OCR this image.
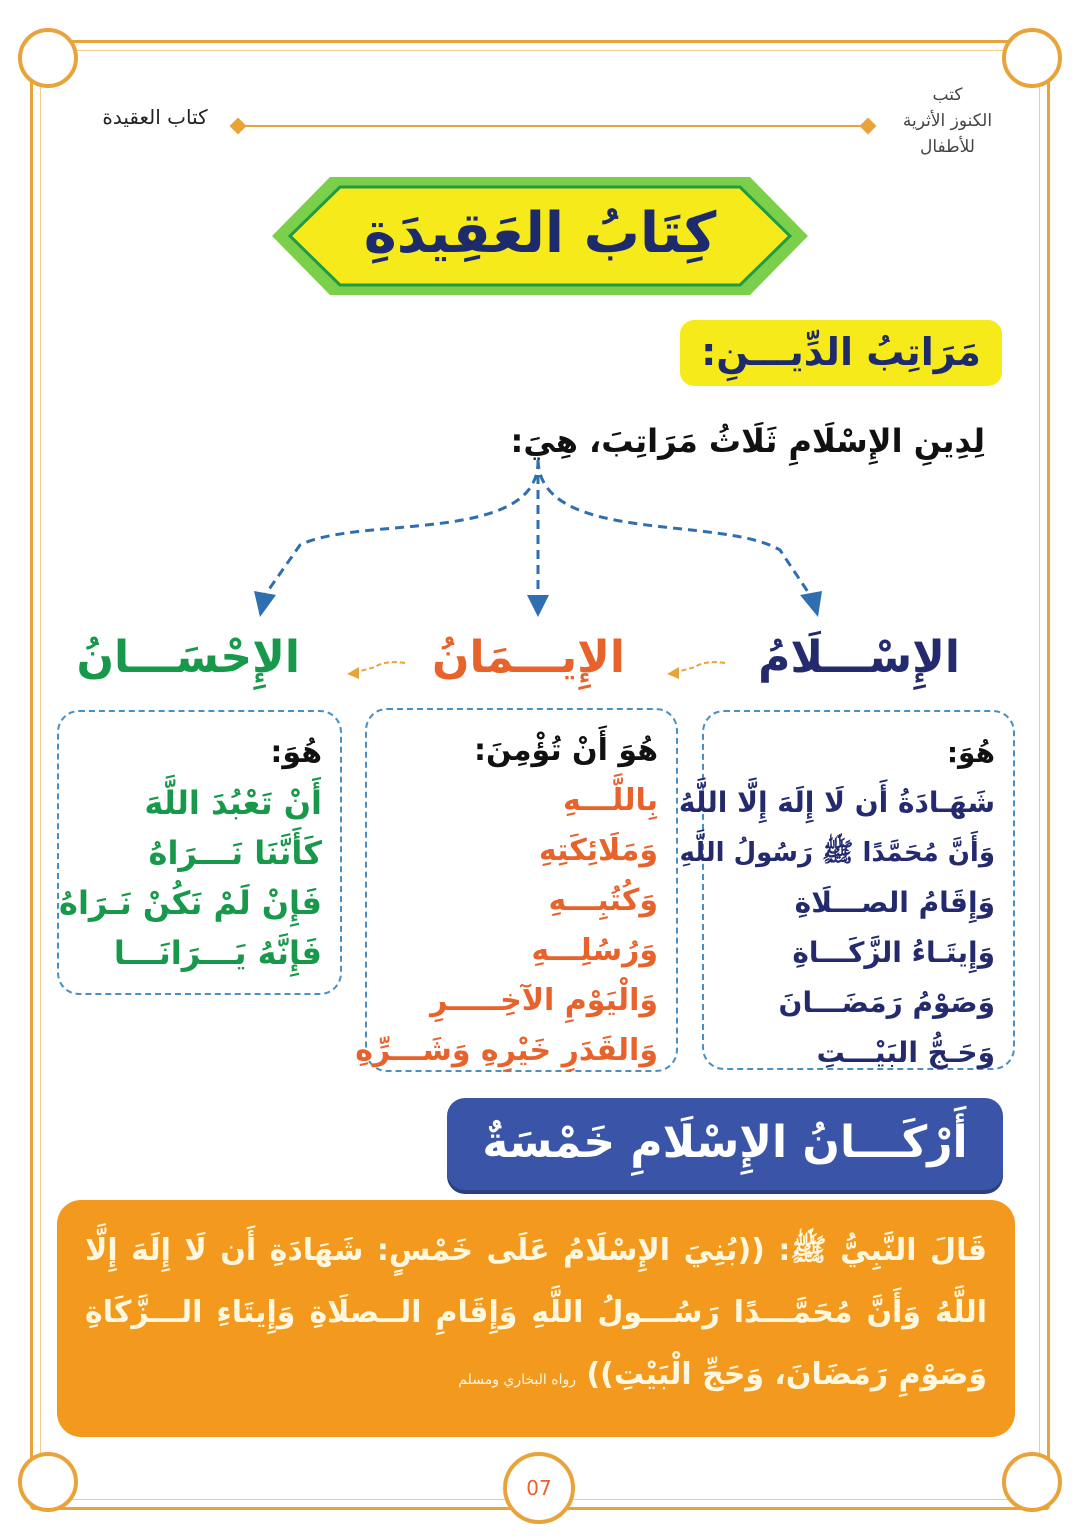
كتاب العقيدة
كتب
الكنوز الأثرية
للأطفال
كِتَابُ العَقِيدَةِ
مَرَاتِبُ الدِّيـــنِ:
لِدِينِ الإِسْلَامِ ثَلَاثُ مَرَاتِبَ، هِيَ:
الإِسْـــلَامُ
الإِيـــمَانُ
الإِحْسَـــانُ
هُوَ:
شَهَـادَةُ أَن لَا إِلَهَ إِلَّا اللَّهُ
وَأَنَّ مُحَمَّدًا ﷺ رَسُولُ اللَّهِ
وَإِقَامُ الصـــلَاةِ
وَإِيتَـاءُ الزَّكَـــاةِ
وَصَوْمُ رَمَضَـــانَ
وَحَـجُّ البَيْـــتِ
هُوَ أَنْ تُؤْمِنَ:
بِاللَّـــهِ
وَمَلَائِكَتِهِ
وَكُتُبِـــهِ
وَرُسُلِـــهِ
وَالْيَوْمِ الآخِـــــرِ
وَالقَدَرِ خَيْرِهِ وَشَـــرِّهِ
هُوَ:
أَنْ تَعْبُدَ اللَّهَ
كَأَنَّنَا نَـــرَاهُ
فَإِنْ لَمْ نَكُنْ نَـرَاهُ
فَإِنَّهُ يَـــرَانَـــا
أَرْكَـــانُ الإِسْلَامِ خَمْسَةٌ
قَالَ النَّبِيُّ ﷺ: ((بُنِيَ الإِسْلَامُ عَلَى خَمْسٍ: شَهَادَةِ أَن لَا إِلَهَ إِلَّا اللَّهُ وَأَنَّ مُحَمَّـــدًا رَسُـــولُ اللَّهِ وَإِقَامِ الــصلَاةِ وَإِيتَاءِ الـــزَّكَاةِ وَصَوْمِ رَمَضَانَ، وَحَجِّ الْبَيْتِ)) رواه البخاري ومسلم
07
